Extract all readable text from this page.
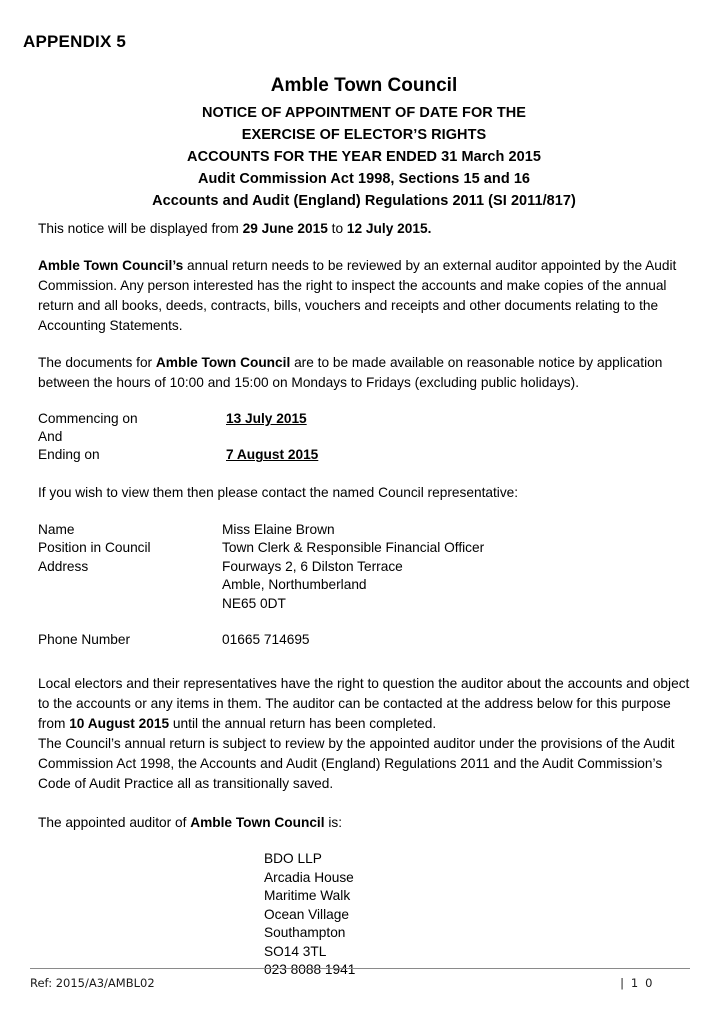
APPENDIX 5
Amble Town Council
NOTICE OF APPOINTMENT OF DATE FOR THE
EXERCISE OF ELECTOR’S RIGHTS
ACCOUNTS FOR THE YEAR ENDED 31 March 2015
Audit Commission Act 1998, Sections 15 and 16
Accounts and Audit (England) Regulations 2011 (SI 2011/817)

This notice will be displayed from 29 June 2015 to 12 July 2015.

Amble Town Council’s annual return needs to be reviewed by an external auditor appointed by the Audit Commission. Any person interested has the right to inspect the accounts and make copies of the annual return and all books, deeds, contracts, bills, vouchers and receipts and other documents relating to the Accounting Statements.

The documents for Amble Town Council are to be made available on reasonable notice by application between the hours of 10:00 and 15:00 on Mondays to Fridays (excluding public holidays).

Commencing on	13 July 2015
And
Ending on	7 August 2015

If you wish to view them then please contact the named Council representative:

Name	Miss Elaine Brown
Position in Council	Town Clerk & Responsible Financial Officer
Address	Fourways 2, 6 Dilston Terrace
Amble, Northumberland
NE65 0DT
Phone Number	01665 714695

Local electors and their representatives have the right to question the auditor about the accounts and object to the accounts or any items in them. The auditor can be contacted at the address below for this purpose from 10 August 2015 until the annual return has been completed.

The Council’s annual return is subject to review by the appointed auditor under the provisions of the Audit Commission Act 1998, the Accounts and Audit (England) Regulations 2011 and the Audit Commission’s Code of Audit Practice all as transitionally saved.

The appointed auditor of Amble Town Council is:

BDO LLP
Arcadia House
Maritime Walk
Ocean Village
Southampton
SO14 3TL
023 8088 1941
Ref: 2015/A3/AMBL02	| 1 0
